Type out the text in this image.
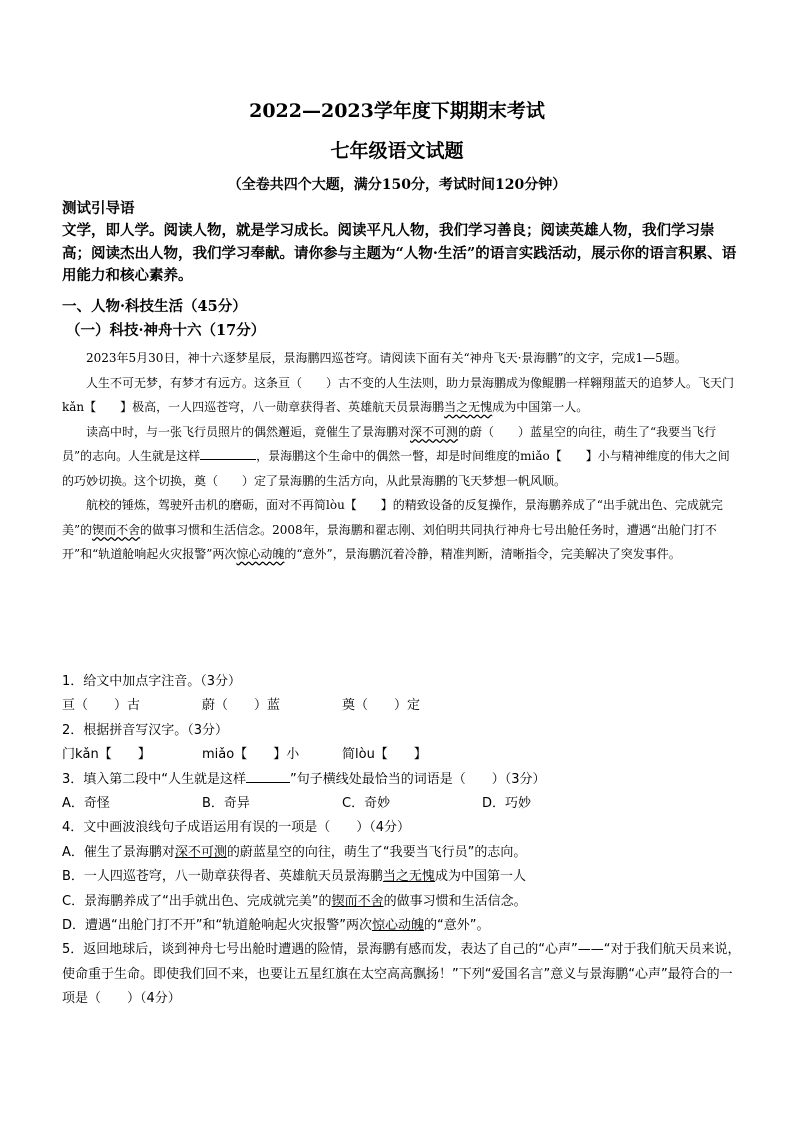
2022—2023学年度下期期末考试
七年级语文试题
（全卷共四个大题，满分150分，考试时间120分钟）
测试引导语
文学，即人学。阅读人物，就是学习成长。阅读平凡人物，我们学习善良；阅读英雄人物，我们学习崇高；阅读杰出人物，我们学习奉献。请你参与主题为“人物·生活”的语言实践活动，展示你的语言积累、语用能力和核心素养。
一、人物·科技生活（45分）
（一）科技·神舟十六（17分）

2023年5月30日，神十六逐梦星辰，景海鹏四巡苍穹。请阅读下面有关“神舟飞天·景海鹏”的文字，完成1—5题。

人生不可无梦，有梦才有远方。这条亘（　　）古不变的人生法则，助力景海鹏成为像鲲鹏一样翱翔蓝天的追梦人。飞天门kǎn【　　】极高，一人四巡苍穹，八一勋章获得者、英雄航天员景海鹏当之无愧成为中国第一人。

读高中时，与一张飞行员照片的偶然邂逅，竟催生了景海鹏对深不可测的蔚（　　）蓝星空的向往，萌生了“我要当飞行员”的志向。人生就是这样	，景海鹏这个生命中的偶然一瞥，却是时间维度的miǎo【　　】小与精神维度的伟大之间的巧妙切换。这个切换，奠（　　）定了景海鹏的生活方向，从此景海鹏的飞天梦想一帆风顺。

航校的锤炼，驾驶歼击机的磨砺，面对不再简lòu【　　】的精致设备的反复操作，景海鹏养成了“出手就出色、完成就完美”的锲而不舍的做事习惯和生活信念。2008年，景海鹏和翟志刚、刘伯明共同执行神舟七号出舱任务时，遭遇“出舱门打不开”和“轨道舱响起火灾报警”两次惊心动魄的“意外”，景海鹏沉着冷静，精准判断，清晰指令，完美解决了突发事件。

1．给文中加点字注音。（3分）
亘（　　）古	蔚（　　）蓝	奠（　　）定
2．根据拼音写汉字。（3分）
门kǎn【　　】	miǎo【　　】小	简lòu【　　】
3．填入第二段中“人生就是这样	”句子横线处最恰当的词语是（　　）（3分）
A．奇怪	B．奇异	C．奇妙	D．巧妙
4．文中画波浪线句子成语运用有误的一项是（　　）（4分）
A．催生了景海鹏对深不可测的蔚蓝星空的向往，萌生了“我要当飞行员”的志向。
B．一人四巡苍穹，八一勋章获得者、英雄航天员景海鹏当之无愧成为中国第一人
C．景海鹏养成了“出手就出色、完成就完美”的锲而不舍的做事习惯和生活信念。
D．遭遇“出舱门打不开”和“轨道舱响起火灾报警”两次惊心动魄的“意外”。
5．返回地球后，谈到神舟七号出舱时遭遇的险情，景海鹏有感而发，表达了自己的“心声”——“对于我们航天员来说，使命重于生命。即使我们回不来，也要让五星红旗在太空高高飘扬！”下列“爱国名言”意义与景海鹏“心声”最符合的一项是（　　）（4分）
